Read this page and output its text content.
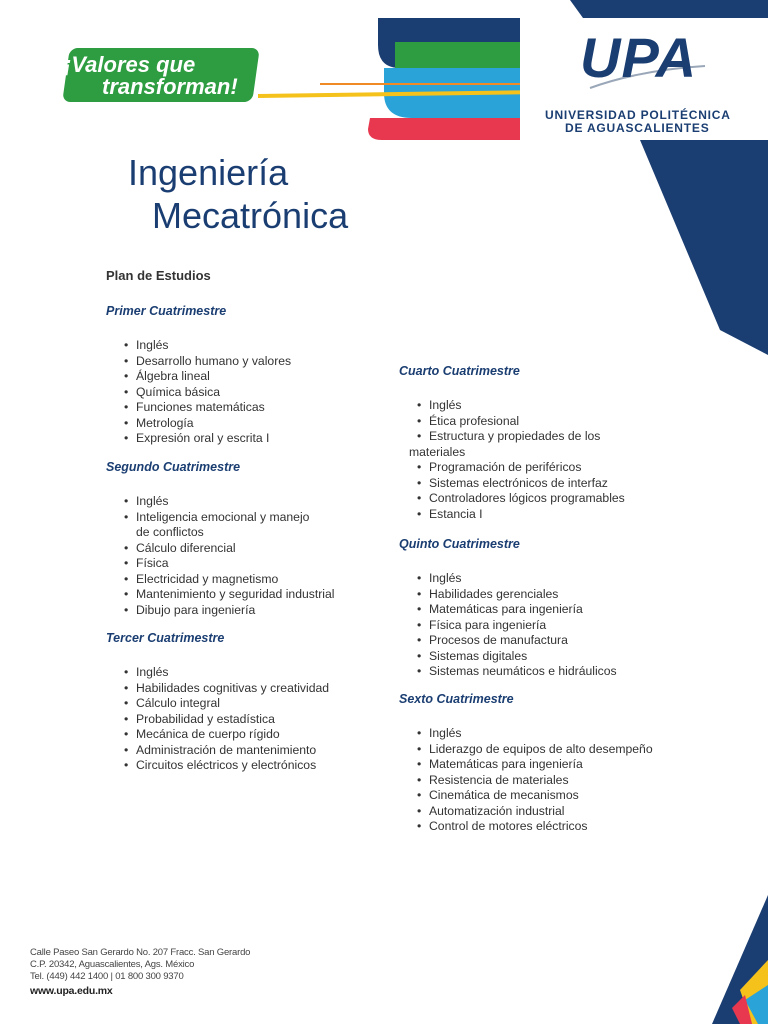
¡Valores que
transforman!	UPA
UNIVERSIDAD POLITÉCNICA
DE AGUASCALIENTES
Ingeniería
Mecatrónica
Plan de Estudios
Primer Cuatrimestre
• Inglés
• Desarrollo humano y valores
• Álgebra lineal
• Química básica
• Funciones matemáticas
• Metrología
• Expresión oral y escrita I
Segundo Cuatrimestre
• Inglés
• Inteligencia emocional y manejo
de conflictos
• Cálculo diferencial
• Física
• Electricidad y magnetismo
• Mantenimiento y seguridad industrial
• Dibujo para ingeniería
Tercer Cuatrimestre
• Inglés
• Habilidades cognitivas y creatividad
• Cálculo integral
• Probabilidad y estadística
• Mecánica de cuerpo rígido
• Administración de mantenimiento
• Circuitos eléctricos y electrónicos
Cuarto Cuatrimestre
• Inglés
• Ética profesional
• Estructura y propiedades de los
materiales
• Programación de periféricos
• Sistemas electrónicos de interfaz
• Controladores lógicos programables
• Estancia I
Quinto Cuatrimestre
• Inglés
• Habilidades gerenciales
• Matemáticas para ingeniería
• Física para ingeniería
• Procesos de manufactura
• Sistemas digitales
• Sistemas neumáticos e hidráulicos
Sexto Cuatrimestre
• Inglés
• Liderazgo de equipos de alto desempeño
• Matemáticas para ingeniería
• Resistencia de materiales
• Cinemática de mecanismos
• Automatización industrial
• Control de motores eléctricos
Calle Paseo San Gerardo No. 207 Fracc. San Gerardo
C.P. 20342, Aguascalientes, Ags. México
Tel. (449) 442 1400 | 01 800 300 9370
www.upa.edu.mx
